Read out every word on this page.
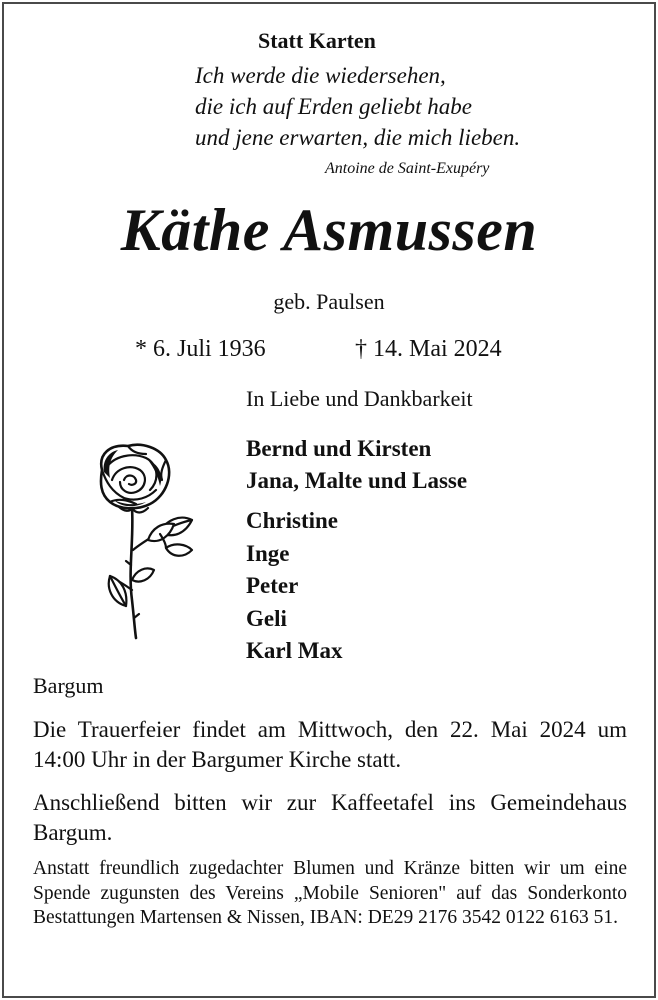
Statt Karten
Ich werde die wiedersehen,
die ich auf Erden geliebt habe
und jene erwarten, die mich lieben.
Antoine de Saint-Exupéry
Käthe Asmussen
geb. Paulsen
* 6. Juli 1936	† 14. Mai 2024
In Liebe und Dankbarkeit
Bernd und Kirsten
Jana, Malte und Lasse
Christine
Inge
Peter
Geli
Karl Max
Bargum
Die Trauerfeier findet am Mittwoch, den 22. Mai 2024 um 14:00 Uhr in der Bargumer Kirche statt.
Anschließend bitten wir zur Kaffeetafel ins Gemeindehaus Bargum.
Anstatt freundlich zugedachter Blumen und Kränze bitten wir um eine Spende zugunsten des Vereins „Mobile Senioren" auf das Sonderkonto Bestattungen Martensen & Nissen, IBAN: DE29 2176 3542 0122 6163 51.
